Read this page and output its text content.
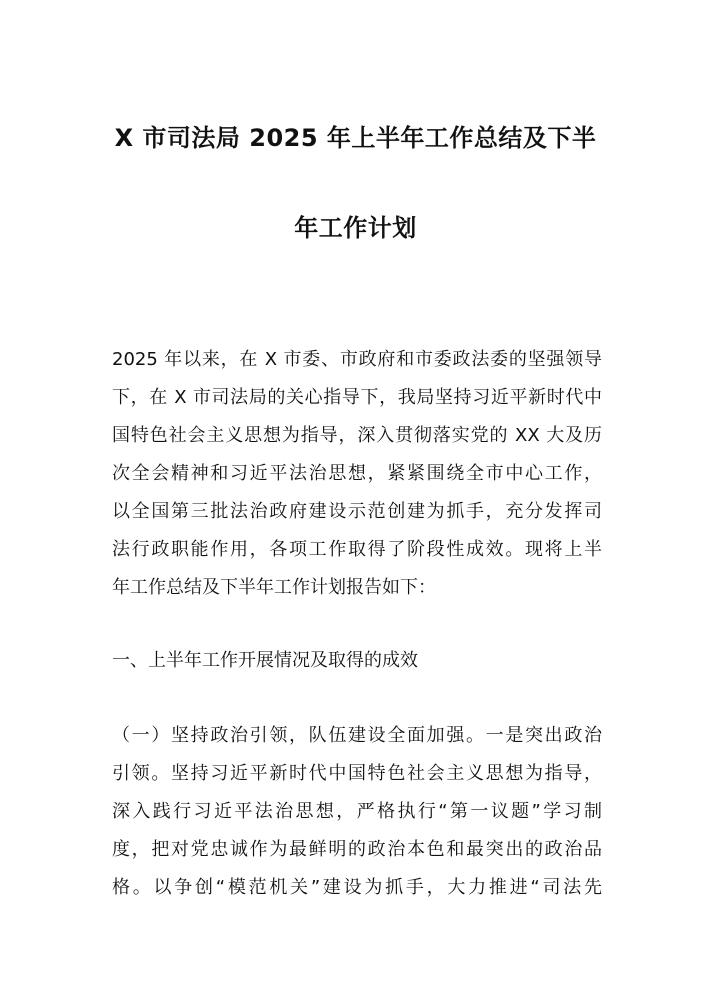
X 市司法局 2025 年上半年工作总结及下半
年工作计划

2025 年以来，在 X 市委、市政府和市委政法委的坚强领导

下，在 X 市司法局的关心指导下，我局坚持习近平新时代中

国特色社会主义思想为指导，深入贯彻落实党的 XX 大及历

次全会精神和习近平法治思想，紧紧围绕全市中心工作，

以全国第三批法治政府建设示范创建为抓手，充分发挥司

法行政职能作用，各项工作取得了阶段性成效。现将上半

年工作总结及下半年工作计划报告如下：

一、上半年工作开展情况及取得的成效

（一）坚持政治引领，队伍建设全面加强。一是突出政治

引领。坚持习近平新时代中国特色社会主义思想为指导，

深入践行习近平法治思想，严格执行“第一议题”学习制

度，把对党忠诚作为最鲜明的政治本色和最突出的政治品

格。以争创“模范机关”建设为抓手，大力推进“司法先
